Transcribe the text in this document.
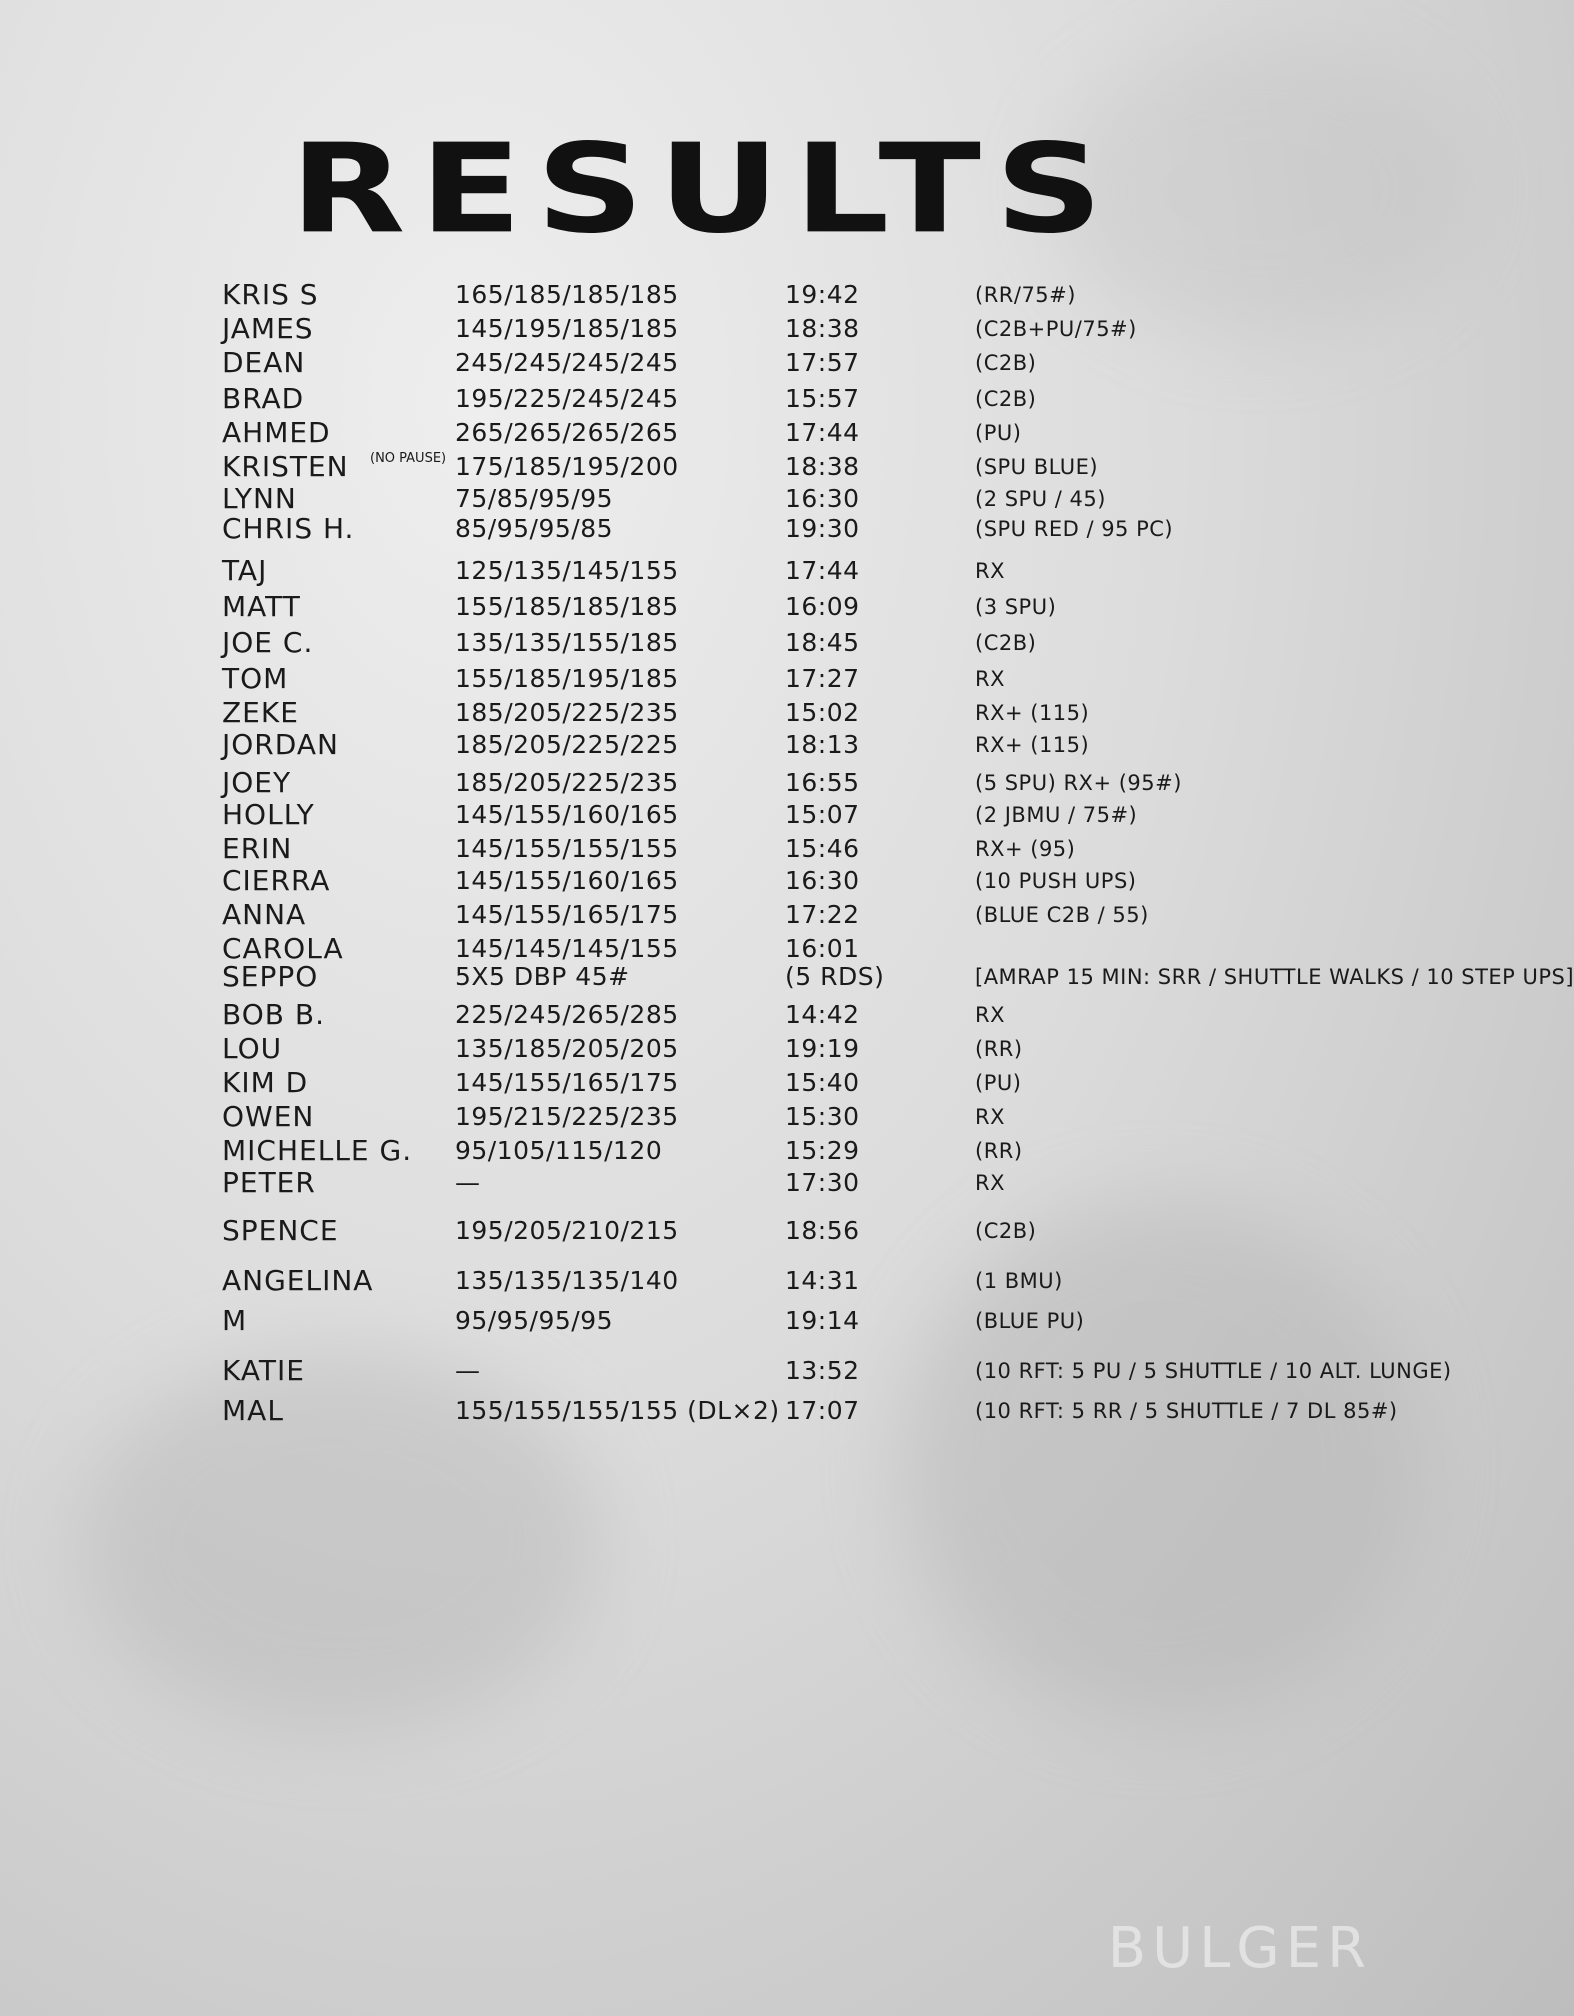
RESULTS
(NO PAUSE)
KRIS S	165/185/185/185	19:42	(RR/75#)
JAMES	145/195/185/185	18:38	(C2B+PU/75#)
DEAN	245/245/245/245	17:57	(C2B)
BRAD	195/225/245/245	15:57	(C2B)
AHMED	265/265/265/265	17:44	(PU)
KRISTEN	175/185/195/200	18:38	(SPU BLUE)
LYNN	75/85/95/95	16:30	(2 SPU / 45)
CHRIS H.	85/95/95/85	19:30	(SPU RED / 95 PC)
TAJ	125/135/145/155	17:44	RX
MATT	155/185/185/185	16:09	(3 SPU)
JOE C.	135/135/155/185	18:45	(C2B)
TOM	155/185/195/185	17:27	RX
ZEKE	185/205/225/235	15:02	RX+ (115)
JORDAN	185/205/225/225	18:13	RX+ (115)
JOEY	185/205/225/235	16:55	(5 SPU) RX+ (95#)
HOLLY	145/155/160/165	15:07	(2 JBMU / 75#)
ERIN	145/155/155/155	15:46	RX+ (95)
CIERRA	145/155/160/165	16:30	(10 PUSH UPS)
ANNA	145/155/165/175	17:22	(BLUE C2B / 55)
CAROLA	145/145/145/155	16:01
SEPPO	5X5 DBP 45#	(5 RDS)	[AMRAP 15 MIN: SRR / SHUTTLE WALKS / 10 STEP UPS]
BOB B.	225/245/265/285	14:42	RX
LOU	135/185/205/205	19:19	(RR)
KIM D	145/155/165/175	15:40	(PU)
OWEN	195/215/225/235	15:30	RX
MICHELLE G. 95/105/115/120	15:29	(RR)
PETER	—	17:30	RX
SPENCE	195/205/210/215	18:56	(C2B)
ANGELINA	135/135/135/140	14:31	(1 BMU)
M	95/95/95/95	19:14	(BLUE PU)
KATIE	—	13:52	(10 RFT: 5 PU / 5 SHUTTLE / 10 ALT. LUNGE)
MAL	155/155/155/155 (DL×2) 17:07	(10 RFT: 5 RR / 5 SHUTTLE / 7 DL 85#)
BULGER
